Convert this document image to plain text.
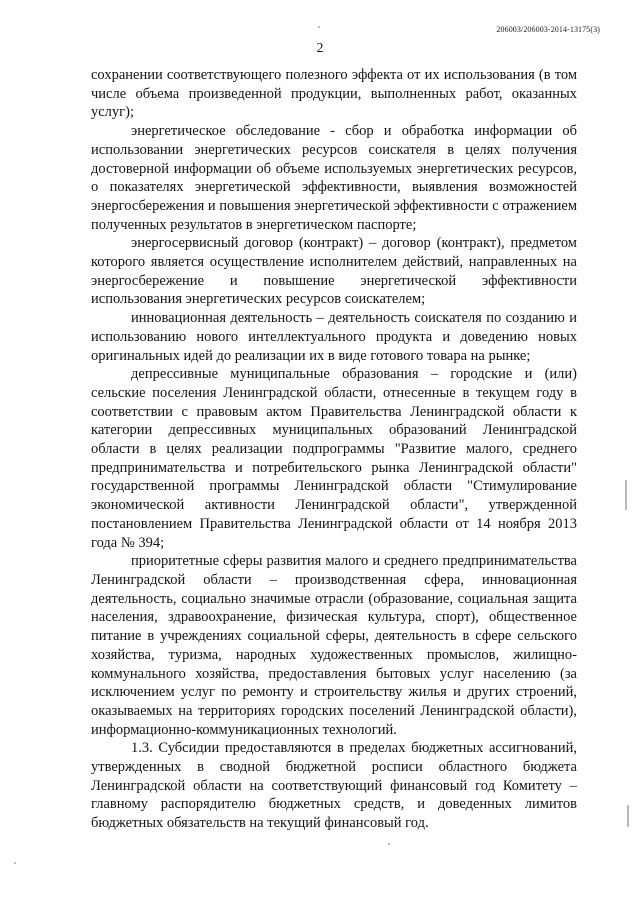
206003/206003-2014-13175(3)
2

сохранении соответствующего полезного эффекта от их использования (в том числе объема произведенной продукции, выполненных работ, оказанных услуг);

энергетическое обследование - сбор и обработка информации об использовании энергетических ресурсов соискателя в целях получения достоверной информации об объеме используемых энергетических ресурсов, о показателях энергетической эффективности, выявления возможностей энергосбережения и повышения энергетической эффективности с отражением полученных результатов в энергетическом паспорте;

энергосервисный договор (контракт) – договор (контракт), предметом которого является осуществление исполнителем действий, направленных на энергосбережение и повышение энергетической эффективности использования энергетических ресурсов соискателем;

инновационная деятельность – деятельность соискателя по созданию и использованию нового интеллектуального продукта и доведению новых оригинальных идей до реализации их в виде готового товара на рынке;

депрессивные муниципальные образования – городские и (или) сельские поселения Ленинградской области, отнесенные в текущем году в соответствии с правовым актом Правительства Ленинградской области к категории депрессивных муниципальных образований Ленинградской области в целях реализации подпрограммы "Развитие малого, среднего предпринимательства и потребительского рынка Ленинградской области" государственной программы Ленинградской области "Стимулирование экономической активности Ленинградской области", утвержденной постановлением Правительства Ленинградской области от 14 ноября 2013 года № 394;

приоритетные сферы развития малого и среднего предпринимательства Ленинградской области – производственная сфера, инновационная деятельность, социально значимые отрасли (образование, социальная защита населения, здравоохранение, физическая культура, спорт), общественное питание в учреждениях социальной сферы, деятельность в сфере сельского хозяйства, туризма, народных художественных промыслов, жилищно-коммунального хозяйства, предоставления бытовых услуг населению (за исключением услуг по ремонту и строительству жилья и других строений, оказываемых на территориях городских поселений Ленинградской области), информационно-коммуникационных технологий.

1.3. Субсидии предоставляются в пределах бюджетных ассигнований, утвержденных в сводной бюджетной росписи областного бюджета Ленинградской области на соответствующий финансовый год Комитету – главному распорядителю бюджетных средств, и доведенных лимитов бюджетных обязательств на текущий финансовый год.
